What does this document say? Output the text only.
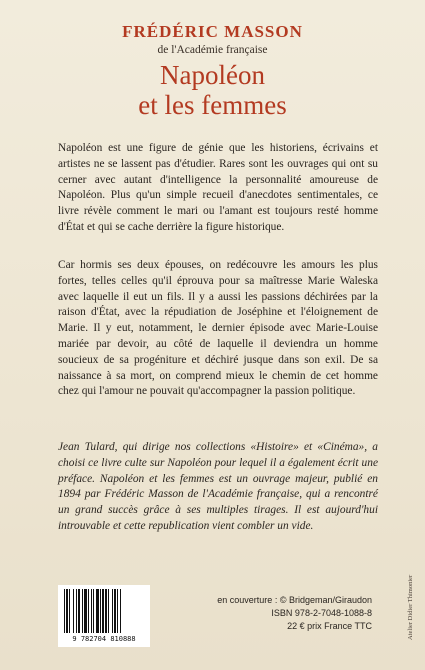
FRÉDÉRIC MASSON
de l'Académie française
Napoléon
et les femmes

Napoléon est une figure de génie que les historiens, écrivains et artistes ne se lassent pas d'étudier. Rares sont les ouvrages qui ont su cerner avec autant d'intelligence la personnalité amoureuse de Napoléon. Plus qu'un simple recueil d'anecdotes sentimentales, ce livre révèle comment le mari ou l'amant est toujours resté homme d'État et qui se cache derrière la figure historique.

Car hormis ses deux épouses, on redécouvre les amours les plus fortes, telles celles qu'il éprouva pour sa maîtresse Marie Waleska avec laquelle il eut un fils. Il y a aussi les passions déchirées par la raison d'État, avec la répudiation de Joséphine et l'éloignement de Marie. Il y eut, notamment, le dernier épisode avec Marie-Louise mariée par devoir, au côté de laquelle il deviendra un homme soucieux de sa progéniture et déchiré jusque dans son exil. De sa naissance à sa mort, on comprend mieux le chemin de cet homme chez qui l'amour ne pouvait qu'accompagner la passion politique.

Jean Tulard, qui dirige nos collections «Histoire» et «Cinéma», a choisi ce livre culte sur Napoléon pour lequel il a également écrit une préface. Napoléon et les femmes est un ouvrage majeur, publié en 1894 par Frédéric Masson de l'Académie française, qui a rencontré un grand succès grâce à ses multiples tirages. Il est aujourd'hui introuvable et cette republication vient combler un vide.

Atelier Didier Thimonier
9 782704 810888
en couverture : © Bridgeman/Giraudon
ISBN 978-2-7048-1088-8
22 € prix France TTC
